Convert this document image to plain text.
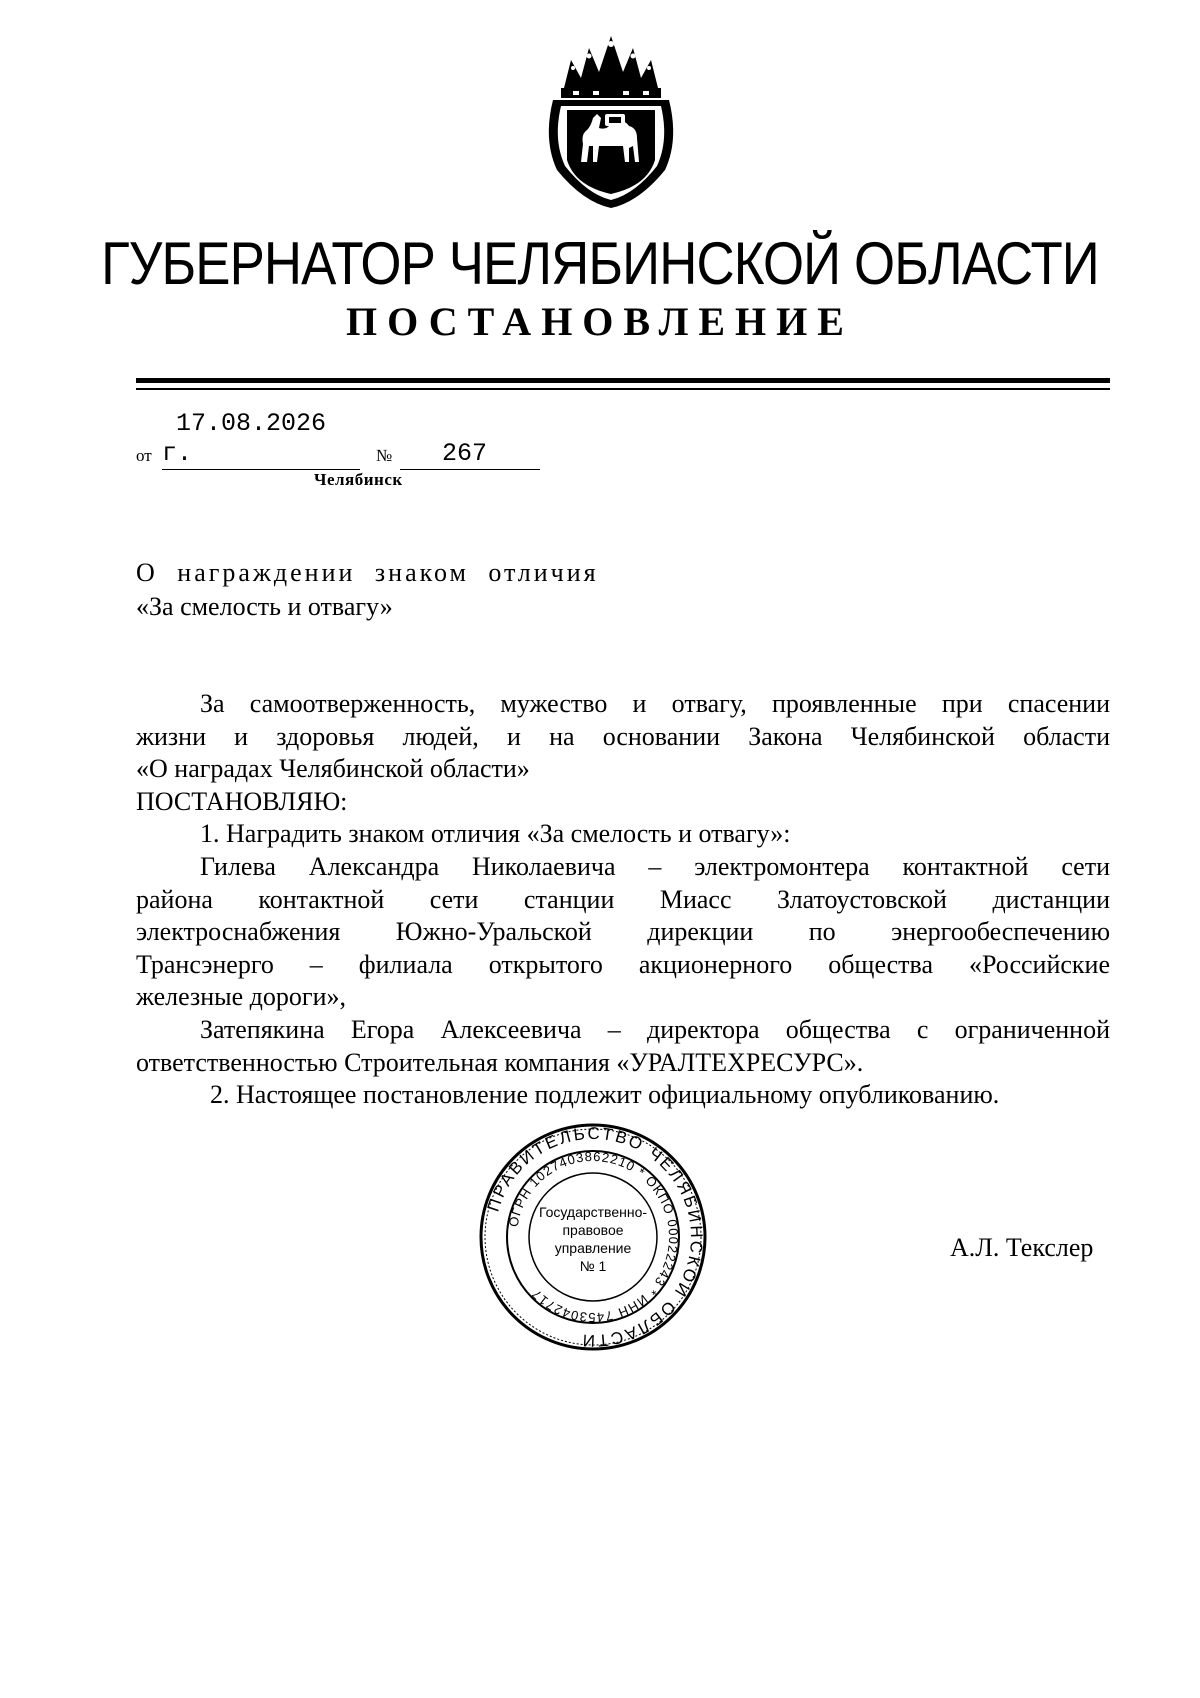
ГУБЕРНАТОР ЧЕЛЯБИНСКОЙ ОБЛАСТИ
ПОСТАНОВЛЕНИЕ
от
17.08.2026 г.	№	267
Челябинск
О награждении знаком отличия
«За смелость и отвагу»
За самоотверженность, мужество и отвагу, проявленные при спасении
жизни и здоровья людей, и на основании Закона Челябинской области
«О наградах Челябинской области»
ПОСТАНОВЛЯЮ:
1. Наградить знаком отличия «За смелость и отвагу»:
Гилева Александра Николаевича – электромонтера контактной сети
района контактной сети станции Миасс Златоустовской дистанции
электроснабжения Южно-Уральской дирекции по энергообеспечению
Трансэнерго – филиала открытого акционерного общества «Российские
железные дороги»,
Затепякина Егора Алексеевича – директора общества с ограниченной
ответственностью Строительная компания «УРАЛТЕХРЕСУРС».
2. Настоящее постановление подлежит официальному опубликованию.
ПРАВИТЕЛЬСТВО ЧЕЛЯБИНСКОЙ ОБЛАСТИ
ОГРН 1027403862210 * ОКПО 00022243 * ИНН 7453042717
Государственно-
правовое
управление
№ 1
А.Л. Текслер
